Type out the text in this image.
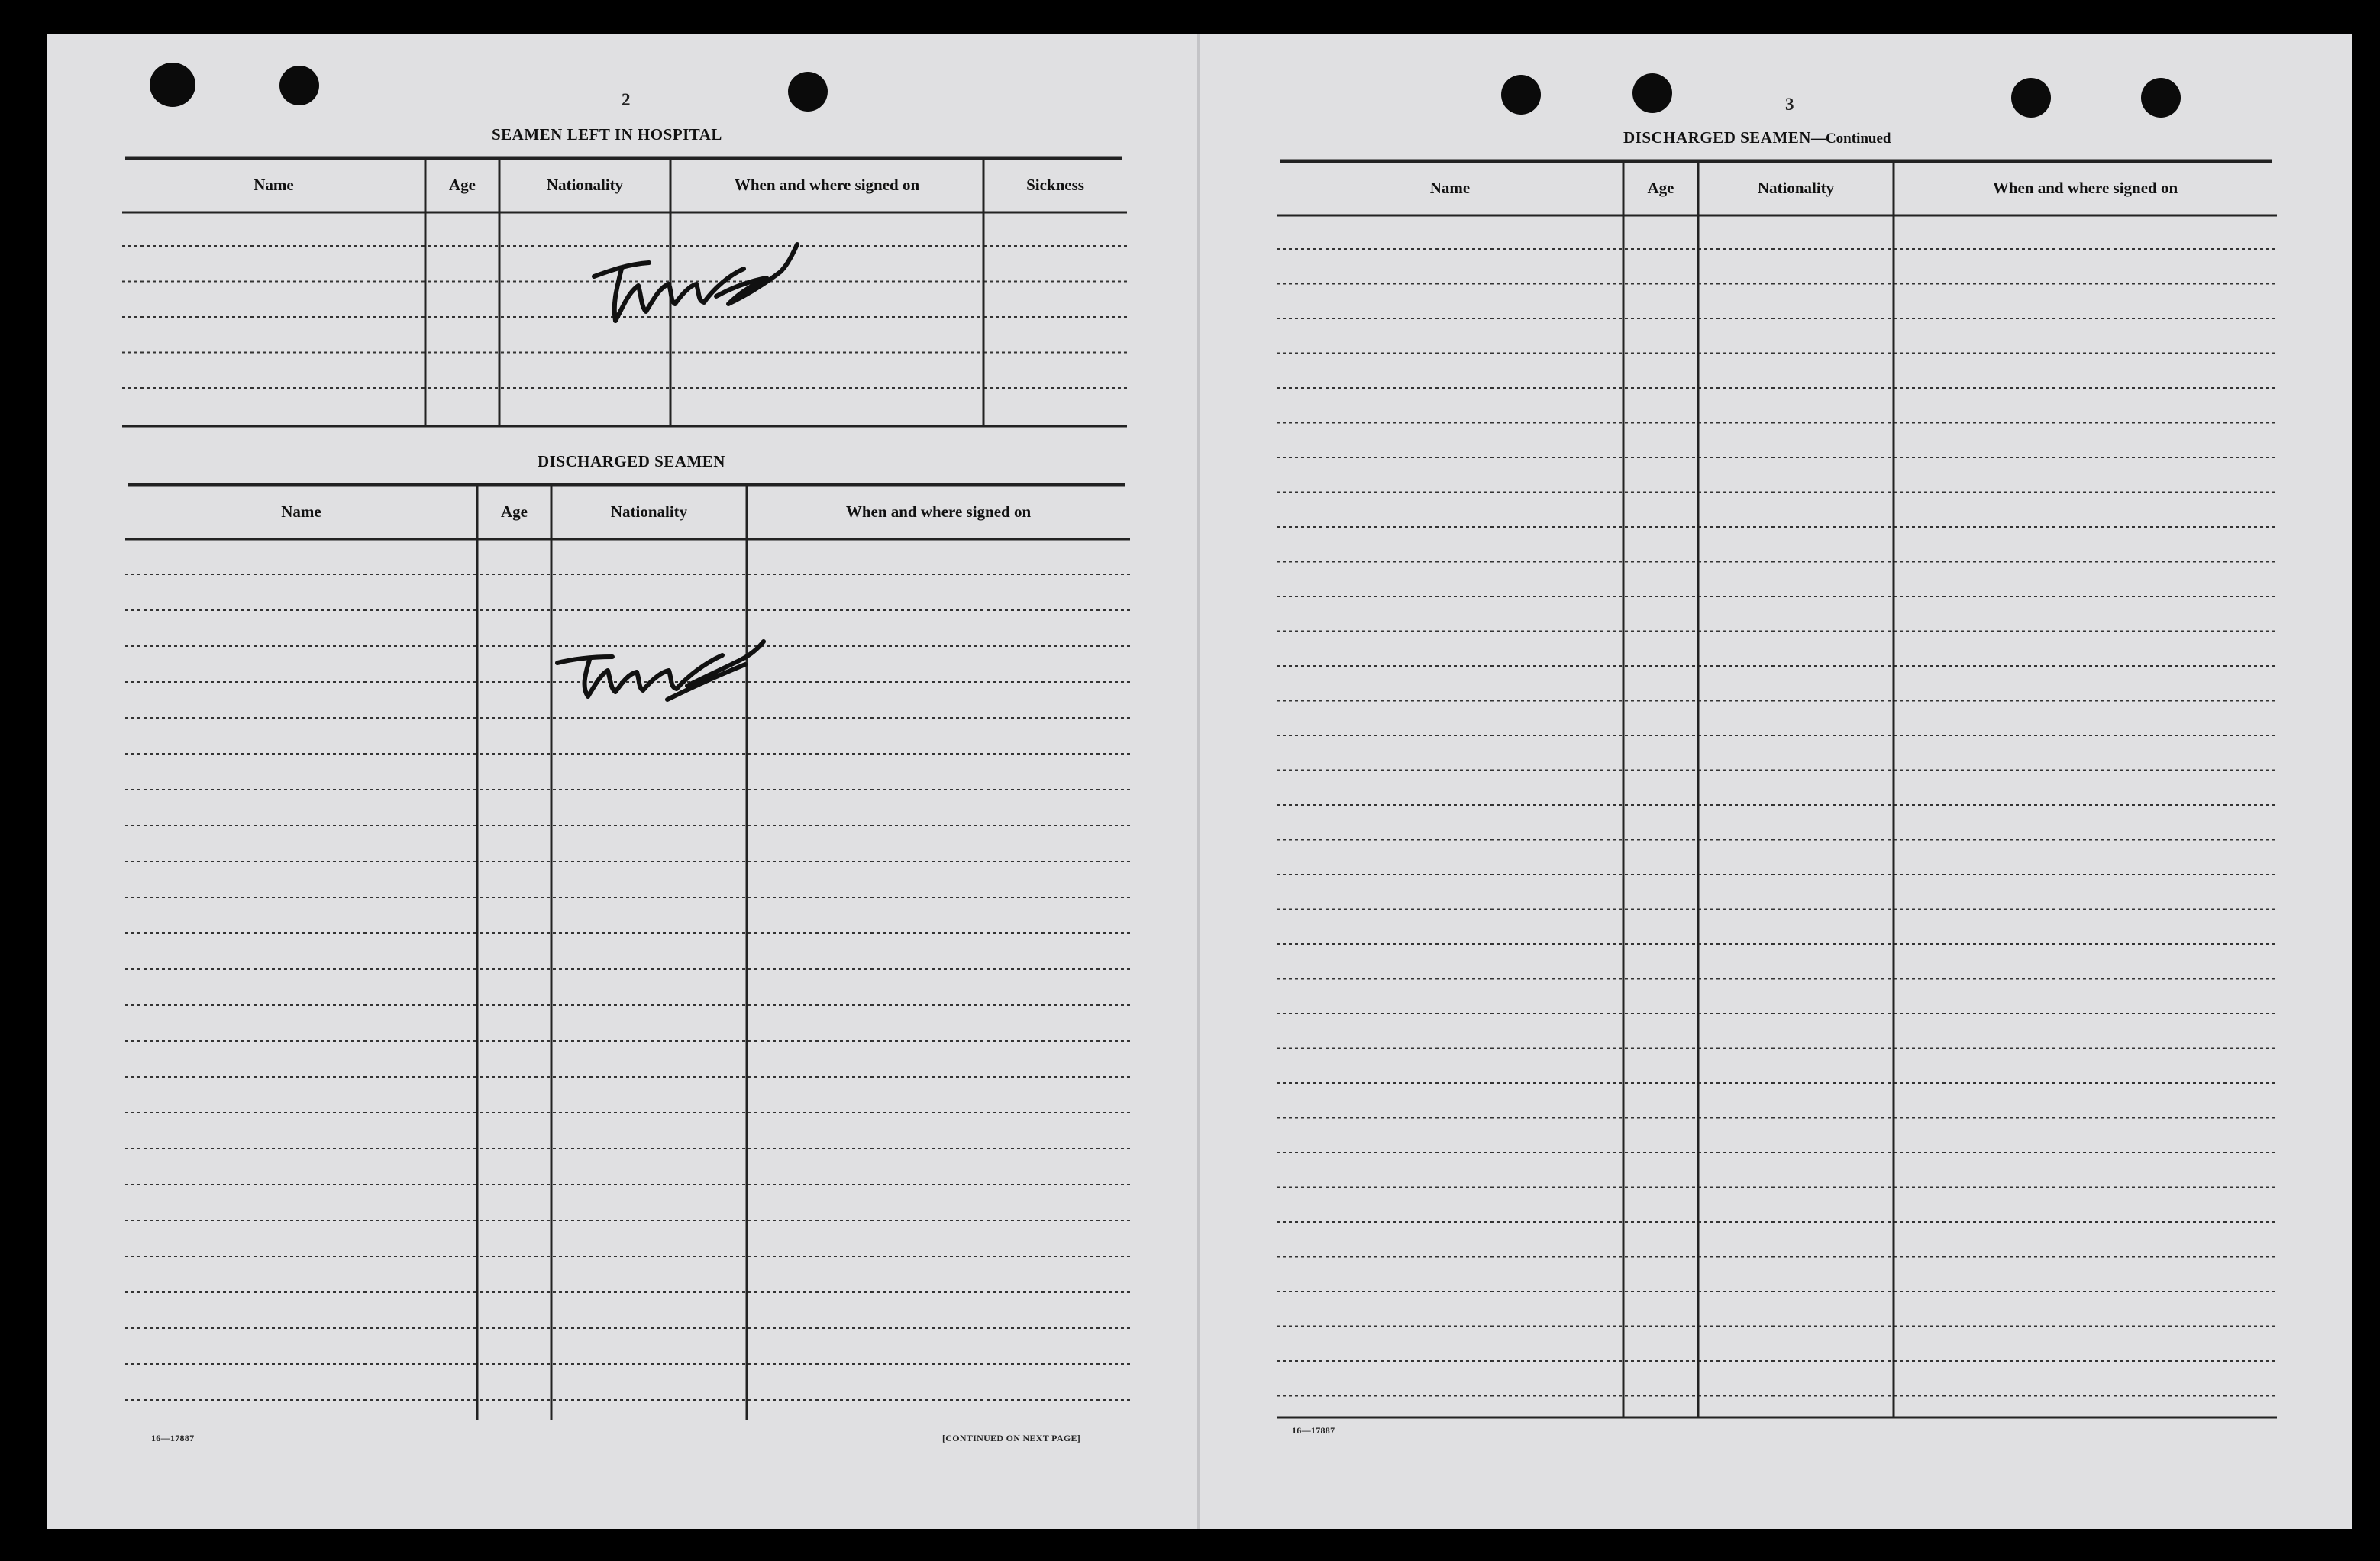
2
SEAMEN LEFT IN HOSPITAL
Name	Age	Nationality	When and where signed on	Sickness
DISCHARGED SEAMEN
Name	Age	Nationality	When and where signed on
16—17887	[CONTINUED ON NEXT PAGE]
3
DISCHARGED SEAMEN—Continued
Name	Age	Nationality	When and where signed on
16—17887
